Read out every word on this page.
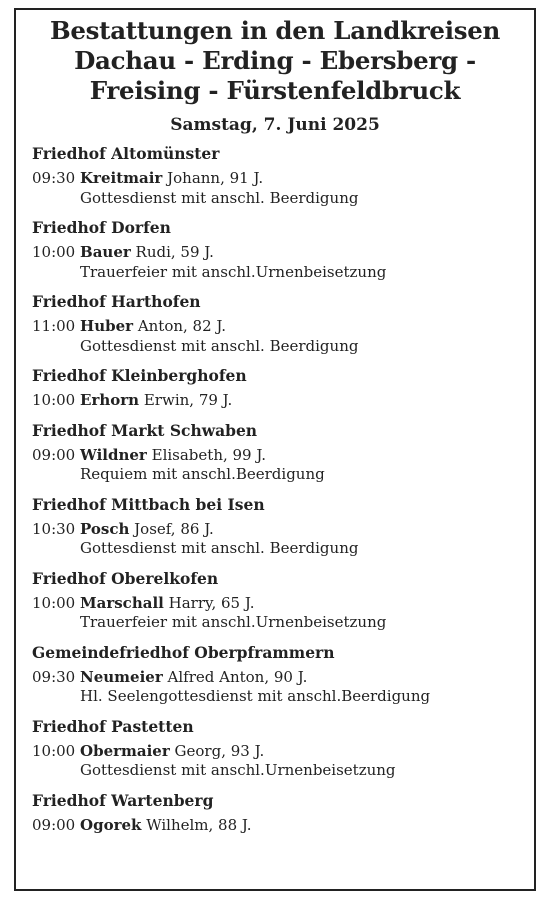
Bestattungen in den Landkreisen
Dachau - Erding - Ebersberg -
Freising - Fürstenfeldbruck
Samstag, 7. Juni 2025
Friedhof Altomünster
09:30 Kreitmair Johann, 91 J.
Gottesdienst mit anschl. Beerdigung
Friedhof Dorfen
10:00 Bauer Rudi, 59 J.
Trauerfeier mit anschl.Urnenbeisetzung
Friedhof Harthofen
11:00 Huber Anton, 82 J.
Gottesdienst mit anschl. Beerdigung
Friedhof Kleinberghofen
10:00 Erhorn Erwin, 79 J.
Friedhof Markt Schwaben
09:00 Wildner Elisabeth, 99 J.
Requiem mit anschl.Beerdigung
Friedhof Mittbach bei Isen
10:30 Posch Josef, 86 J.
Gottesdienst mit anschl. Beerdigung
Friedhof Oberelkofen
10:00 Marschall Harry, 65 J.
Trauerfeier mit anschl.Urnenbeisetzung
Gemeindefriedhof Oberpframmern
09:30 Neumeier Alfred Anton, 90 J.
Hl. Seelengottesdienst mit anschl.Beerdigung
Friedhof Pastetten
10:00 Obermaier Georg, 93 J.
Gottesdienst mit anschl.Urnenbeisetzung
Friedhof Wartenberg
09:00 Ogorek Wilhelm, 88 J.
